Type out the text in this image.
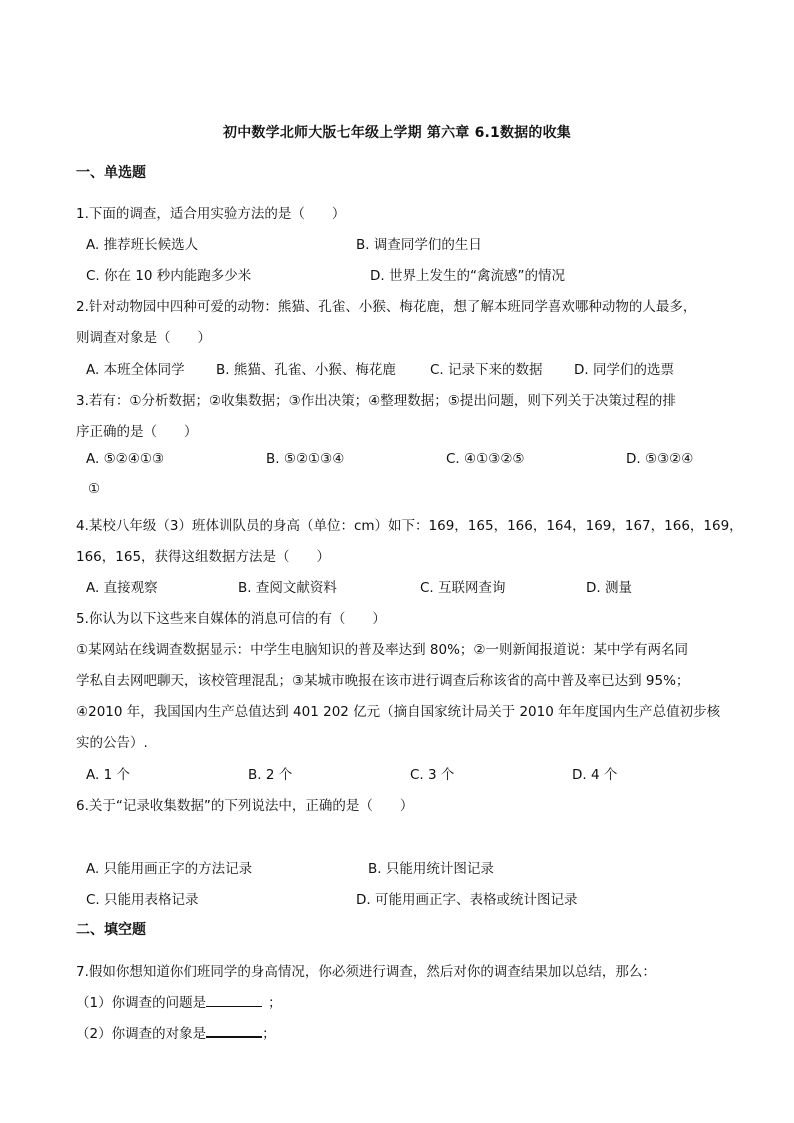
初中数学北师大版七年级上学期 第六章 6.1数据的收集
一、单选题
1.下面的调查，适合用实验方法的是（　　）
A. 推荐班长候选人	B. 调查同学们的生日
C. 你在 10 秒内能跑多少米	D. 世界上发生的“禽流感”的情况
2.针对动物园中四种可爱的动物：熊猫、孔雀、小猴、梅花鹿，想了解本班同学喜欢哪种动物的人最多，
则调查对象是（　　）
A. 本班全体同学 B. 熊猫、孔雀、小猴、梅花鹿	C. 记录下来的数据 D. 同学们的选票
3.若有：①分析数据；②收集数据；③作出决策；④整理数据；⑤提出问题，则下列关于决策过程的排
序正确的是（　　）
A. ⑤②④①③	B. ⑤②①③④	C. ④①③②⑤	D. ⑤③②④
①
4.某校八年级（3）班体训队员的身高（单位：cm）如下：169，165，166，164，169，167，166，169，
166，165，获得这组数据方法是（　　）
A. 直接观察	B. 查阅文献资料	C. 互联网查询	D. 测量
5.你认为以下这些来自媒体的消息可信的有（　　）
①某网站在线调查数据显示：中学生电脑知识的普及率达到 80%；②一则新闻报道说：某中学有两名同
学私自去网吧聊天，该校管理混乱；③某城市晚报在该市进行调查后称该省的高中普及率已达到 95%；
④2010 年，我国国内生产总值达到 401 202 亿元（摘自国家统计局关于 2010 年年度国内生产总值初步核
实的公告）.
A. 1 个	B. 2 个	C. 3 个	D. 4 个
6.关于“记录收集数据”的下列说法中，正确的是（　　）
A. 只能用画正字的方法记录	B. 只能用统计图记录
C. 只能用表格记录	D. 可能用画正字、表格或统计图记录
二、填空题
7.假如你想知道你们班同学的身高情况，你必须进行调查，然后对你的调查结果加以总结，那么：
（1）你调查的问题是	；
（2）你调查的对象是	；
